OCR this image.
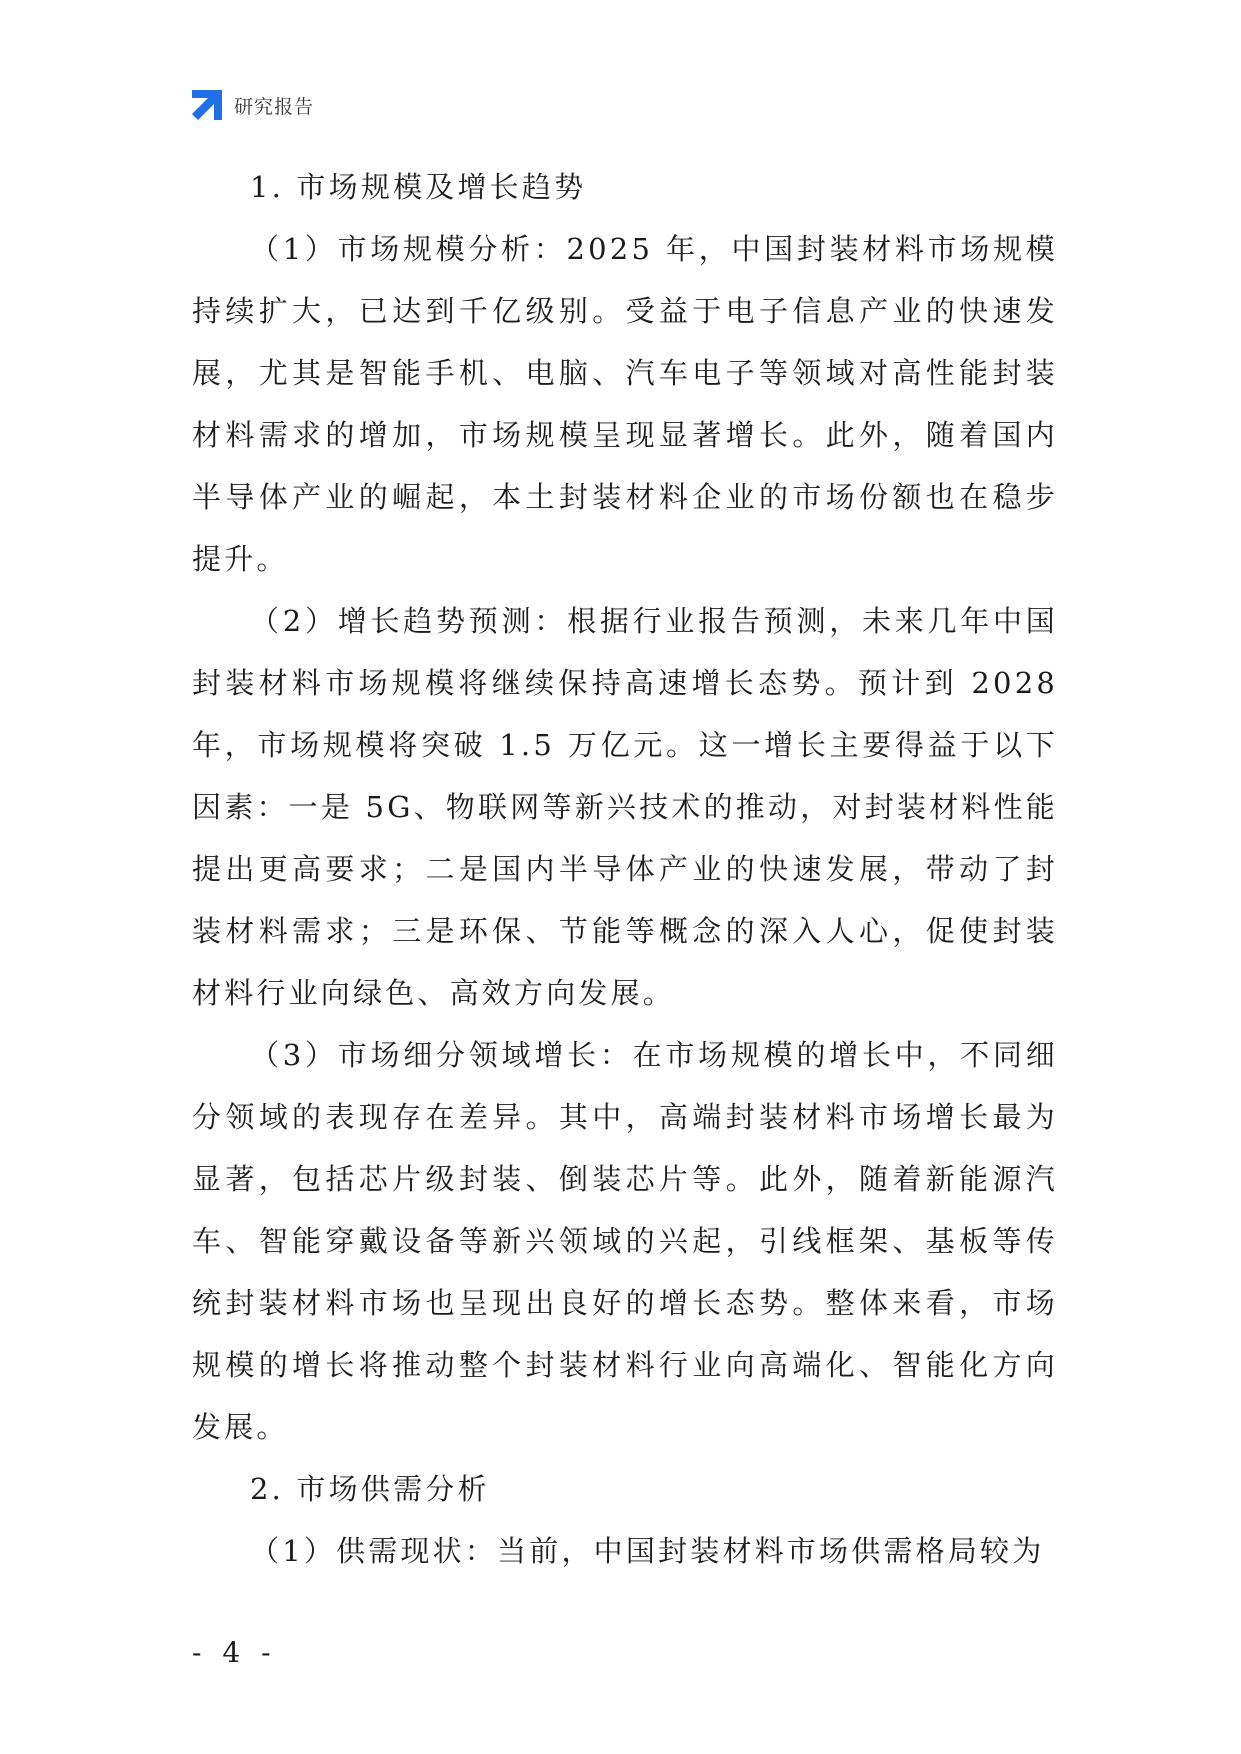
研究报告

1. 市场规模及增长趋势

（1）市场规模分析：2025 年，中国封装材料市场规模持续扩大，已达到千亿级别。受益于电子信息产业的快速发展，尤其是智能手机、电脑、汽车电子等领域对高性能封装材料需求的增加，市场规模呈现显著增长。此外，随着国内半导体产业的崛起，本土封装材料企业的市场份额也在稳步提升。

（2）增长趋势预测：根据行业报告预测，未来几年中国封装材料市场规模将继续保持高速增长态势。预计到 2028 年，市场规模将突破 1.5 万亿元。这一增长主要得益于以下因素：一是 5G、物联网等新兴技术的推动，对封装材料性能提出更高要求；二是国内半导体产业的快速发展，带动了封装材料需求；三是环保、节能等概念的深入人心，促使封装材料行业向绿色、高效方向发展。

（3）市场细分领域增长：在市场规模的增长中，不同细分领域的表现存在差异。其中，高端封装材料市场增长最为显著，包括芯片级封装、倒装芯片等。此外，随着新能源汽车、智能穿戴设备等新兴领域的兴起，引线框架、基板等传统封装材料市场也呈现出良好的增长态势。整体来看，市场规模的增长将推动整个封装材料行业向高端化、智能化方向发展。

2. 市场供需分析

（1）供需现状：当前，中国封装材料市场供需格局较为

- 4 -
